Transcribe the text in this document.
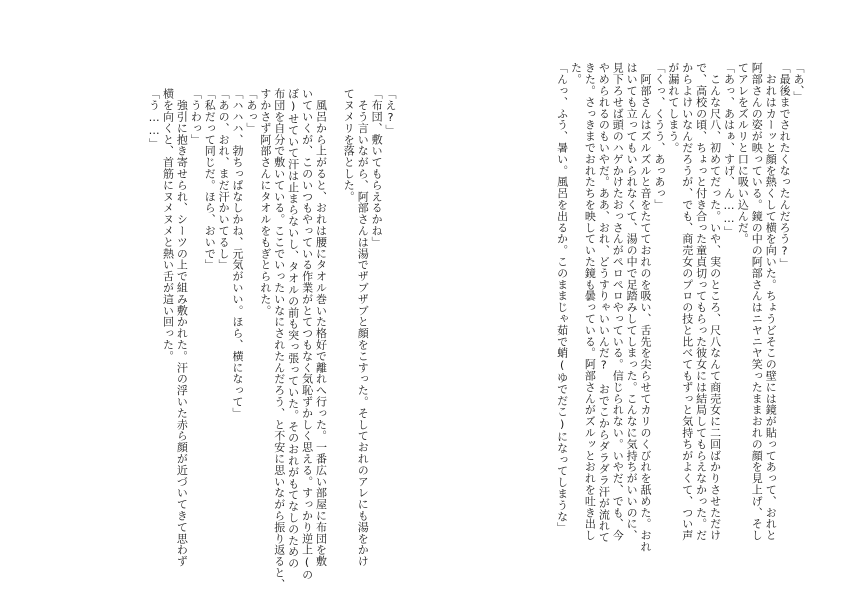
「あ、」
「最後までされたくなったんだろう?」
　おれはカーッと顔を熱くして横を向いた。ちょうどそこの壁には鏡が貼ってあって、おれと
阿部さんの姿が映っている。鏡の中の阿部さんはニヤニヤ笑ったままおれの顔を見上げ、そし
てアレをズルリと口に吸い込んだ。
「あっ、あはぁ、すげ、ん……」
　こんな尺八、初めてだった。いや、実のところ、尺八なんて商売女に二回ばかりさせただけ
で、高校の頃、ちょっと付き合った童貞切ってもらった彼女には結局してもらえなかった。だ
からよけいなんだろうが、でも、商売女のプロの技と比べてもずっと気持ちがよくて、つい声
が漏れてしまう。
「くっ、くうう、あっあっ」
　阿部さんはズルズルと音をたてておれのを吸い、舌先を尖らせてカリのくびれを舐めた。おれ
はいても立ってもいられなくて、湯の中で足踏みしてしまった。こんなに気持ちがいいのに、
見下ろせば頭のハゲかけたおっさんがペロペロやっている。信じられない。いやだ、でも、今
やめられるのもいやだ。ああ、おれ、どうすりゃいいんだ?　おでこからダラダラ汗が流れて
きた。さっきまでおれたちを映していた鏡も曇っている。阿部さんがズルッとおれを吐き出し
た。
「んっ、ふう、暑い。風呂を出るか。このままじゃ茹で蛸(ゆでだこ)になってしまうな」
「え?」
「布団、敷いてもらえるかね」
　そう言いながら、阿部さんは湯でザブザブと顔をこすった。そしておれのアレにも湯をかけ
てヌメリを落とした。

　風呂から上がると、おれは腰にタオル巻いた格好で離れへ行った。一番広い部屋に布団を敷
いていくが、このいつもやっている作業がとてつもなく気恥ずかしく思える。すっかり逆上(の
ぼ)せていて汗は止まらないし、タオルの前も突っ張っていた。そのおれがもてなしのための
布団を自分で敷いている。ここでいったいなにされたんだろう、と不安に思いながら振り返ると、
すかさず阿部さんにタオルをもぎとられた。
「あっ」
「ハハハ、勃ちっぱなしかね、元気がいい。ほら、横になって」
「あの、おれ、まだ汗かいてるし」
「私だって同じだ。ほら、おいで」
「うわっ」
　強引に抱き寄せられ、シーツの上で組み敷かれた。汗の浮いた赤ら顔が近づいてきて思わず
横を向くと、首筋にヌメヌメと熱い舌が這い回った。
「う……」
